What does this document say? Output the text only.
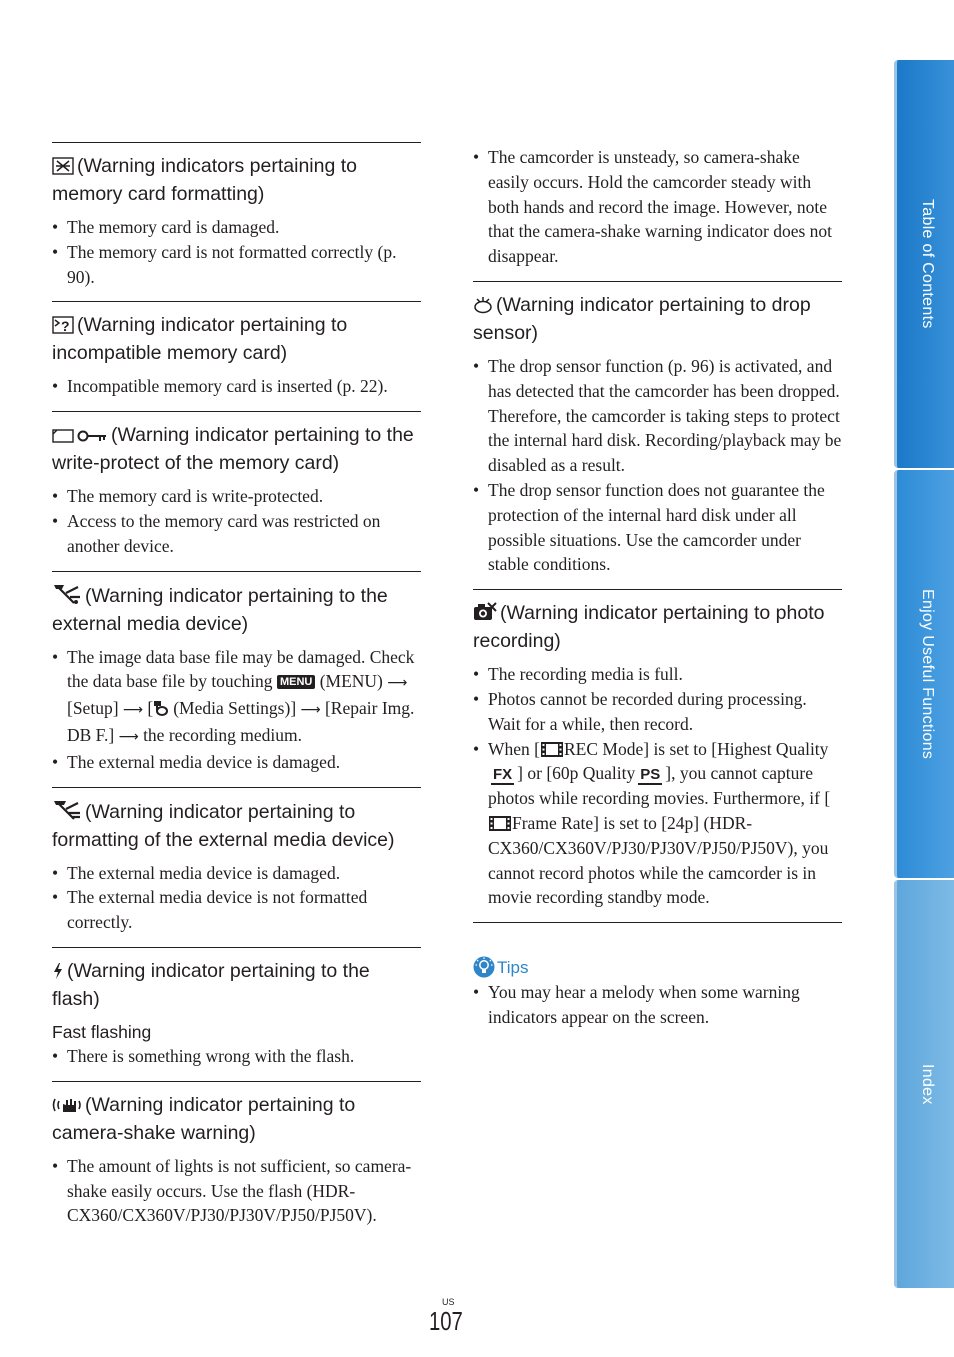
(Warning indicators pertaining to memory card formatting)

• The memory card is damaged.
• The memory card is not formatted correctly (p. 90).

? (Warning indicator pertaining to incompatible memory card)

• Incompatible memory card is inserted (p. 22).

(Warning indicator pertaining to the write-protect of the memory card)

• The memory card is write-protected.
• Access to the memory card was restricted on another device.

(Warning indicator pertaining to the external media device)

• The image data base file may be damaged. Check the data base file by touching MENU (MENU) ⟶ [Setup] ⟶ [ (Media Settings)] ⟶ [Repair Img. DB F.] ⟶ the recording medium.
• The external media device is damaged.

(Warning indicator pertaining to formatting of the external media device)

• The external media device is damaged.
• The external media device is not formatted correctly.

(Warning indicator pertaining to the flash)

Fast flashing

• There is something wrong with the flash.

(Warning indicator pertaining to camera-shake warning)

• The amount of lights is not sufficient, so camera-shake easily occurs. Use the flash (HDR-CX360/CX360V/PJ30/PJ30V/PJ50/PJ50V).
• The camcorder is unsteady, so camera-shake easily occurs. Hold the camcorder steady with both hands and record the image. However, note that the camera-shake warning indicator does not disappear.

(Warning indicator pertaining to drop sensor)

• The drop sensor function (p. 96) is activated, and has detected that the camcorder has been dropped. Therefore, the camcorder is taking steps to protect the internal hard disk. Recording/playback may be disabled as a result.
• The drop sensor function does not guarantee the protection of the internal hard disk under all possible situations. Use the camcorder under stable conditions.

(Warning indicator pertaining to photo recording)

• The recording media is full.
• Photos cannot be recorded during processing. Wait for a while, then record.
• When [ REC Mode] is set to [Highest QualityFX ] or [60p Quality PS ], you cannot capture photos while recording movies. Furthermore, if [Frame Rate] is set to [24p] (HDR-CX360/CX360V/PJ30/PJ30V/PJ50/PJ50V), you cannot record photos while the camcorder is in movie recording standby mode.
Tips
• You may hear a melody when some warning indicators appear on the screen.
Table of Contents
Enjoy Useful Functions
Index
US
107
